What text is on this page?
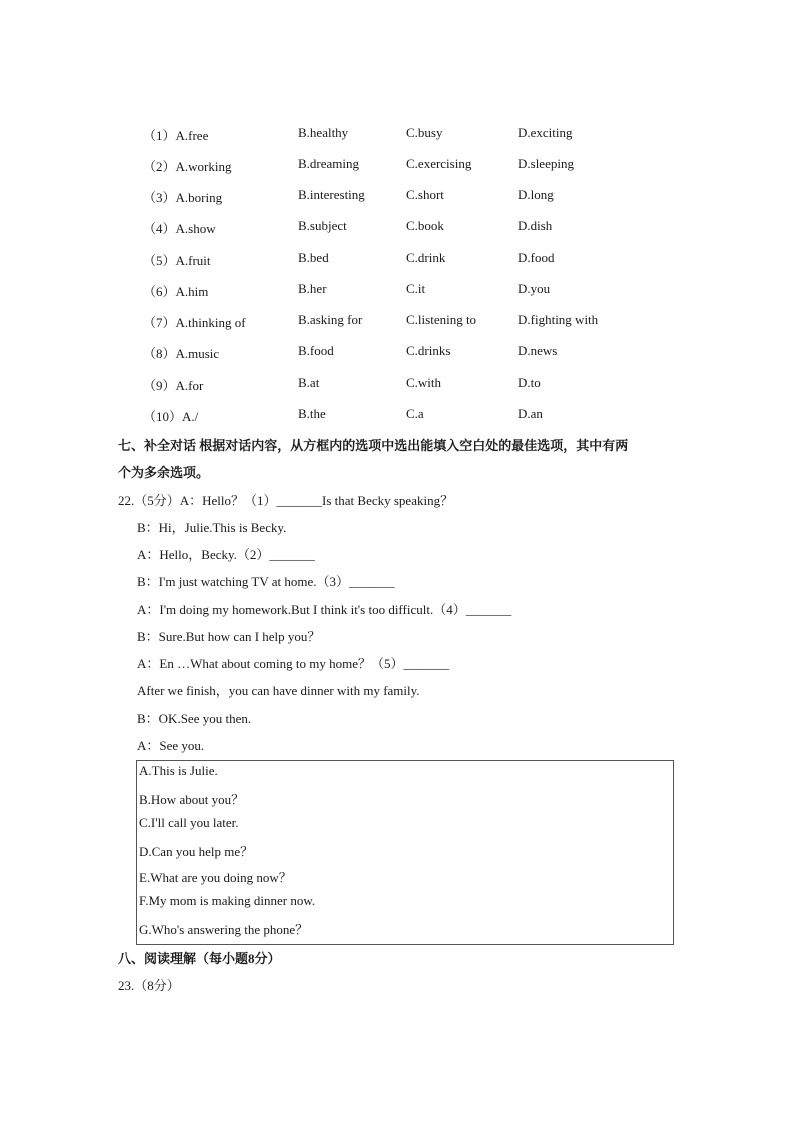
（1）A.free	B.healthy	C.busy	D.exciting
（2）A.working	B.dreaming	C.exercising	D.sleeping
（3）A.boring	B.interesting	C.short	D.long
（4）A.show	B.subject	C.book	D.dish
（5）A.fruit	B.bed	C.drink	D.food
（6）A.him	B.her	C.it	D.you
（7）A.thinking of	B.asking for	C.listening to	D.fighting with
（8）A.music	B.food	C.drinks	D.news
（9）A.for	B.at	C.with	D.to
（10）A./	B.the	C.a	D.an
七、补全对话 根据对话内容，从方框内的选项中选出能填入空白处的最佳选项，其中有两
个为多余选项。
22.（5分）A：Hello？（1）_______Is that Becky speaking？
B：Hi，Julie.This is Becky.
A：Hello，Becky.（2）_______
B：I'm just watching TV at home.（3）_______
A：I'm doing my homework.But I think it's too difficult.（4）_______
B：Sure.But how can I help you？
A：En …What about coming to my home？（5）_______
After we finish，you can have dinner with my family.
B：OK.See you then.
A：See you.
A.This is Julie.
B.How about you？
C.I'll call you later.
D.Can you help me？
E.What are you doing now？
F.My mom is making dinner now.
G.Who's answering the phone？
八、阅读理解（每小题8分）
23.（8分）
